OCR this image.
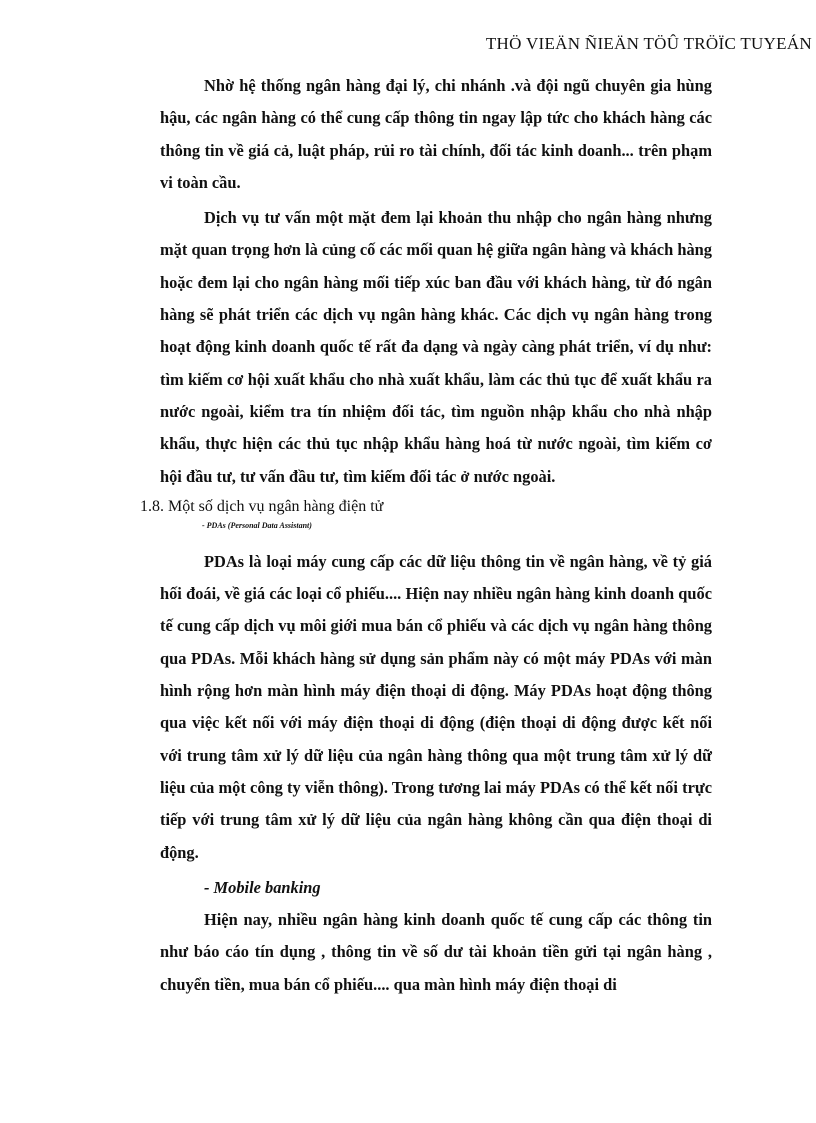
THÖ VIEÄN ÑIEÄN TÖÛ TRÖÏC TUYEÁN

Nhờ hệ thống ngân hàng đại lý, chi nhánh .và đội ngũ chuyên gia hùng hậu, các ngân hàng có thể cung cấp thông tin ngay lập tức cho khách hàng các thông tin về giá cả, luật pháp, rủi ro tài chính, đối tác kinh doanh... trên phạm vi toàn cầu.

Dịch vụ tư vấn một mặt đem lại khoản thu nhập cho ngân hàng nhưng mặt quan trọng hơn là củng cố các mối quan hệ giữa ngân hàng và khách hàng hoặc đem lại cho ngân hàng mối tiếp xúc ban đầu với khách hàng, từ đó ngân hàng sẽ phát triển các dịch vụ ngân hàng khác. Các dịch vụ ngân hàng trong hoạt động kinh doanh quốc tế rất đa dạng và ngày càng phát triển, ví dụ như: tìm kiếm cơ hội xuất khẩu cho nhà xuất khẩu, làm các thủ tục để xuất khẩu ra nước ngoài, kiểm tra tín nhiệm đối tác, tìm nguồn nhập khẩu cho nhà nhập khẩu, thực hiện các thủ tục nhập khẩu hàng hoá từ nước ngoài, tìm kiếm cơ hội đầu tư, tư vấn đầu tư, tìm kiếm đối tác ở nước ngoài.

1.8. Một số dịch vụ ngân hàng điện tử
- PDAs (Personal Data Assistant)

PDAs là loại máy cung cấp các dữ liệu thông tin về ngân hàng, về tỷ giá hối đoái, về giá các loại cổ phiếu.... Hiện nay nhiều ngân hàng kinh doanh quốc tế cung cấp dịch vụ môi giới mua bán cổ phiếu và các dịch vụ ngân hàng thông qua PDAs. Mỗi khách hàng sử dụng sản phẩm này có một máy PDAs với màn hình rộng hơn màn hình máy điện thoại di động. Máy PDAs hoạt động thông qua việc kết nối với máy điện thoại di động (điện thoại di động được kết nối với trung tâm xử lý dữ liệu của ngân hàng thông qua một trung tâm xử lý dữ liệu của một công ty viễn thông). Trong tương lai máy PDAs có thể kết nối trực tiếp với trung tâm xử lý dữ liệu của ngân hàng không cần qua điện thoại di động.

- Mobile banking

Hiện nay, nhiều ngân hàng kinh doanh quốc tế cung cấp các thông tin như báo cáo tín dụng , thông tin về số dư tài khoản tiền gửi tại ngân hàng , chuyển tiền, mua bán cổ phiếu.... qua màn hình máy điện thoại di
